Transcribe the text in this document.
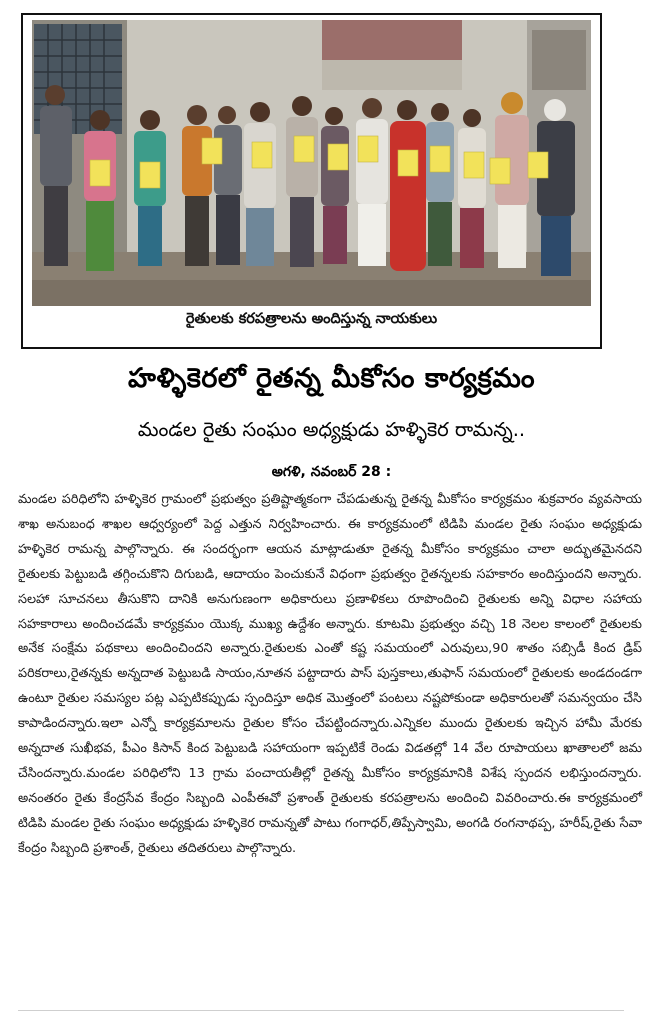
రైతులకు కరపత్రాలను అందిస్తున్న నాయకులు
హళ్ళికెరలో రైతన్న మీకోసం కార్యక్రమం
మండల రైతు సంఘం అధ్యక్షుడు హళ్ళికెర రామన్న..
అగళి, నవంబర్ 28 :
మండల పరిధిలోని హళ్ళికెర గ్రామంలో ప్రభుత్వం ప్రతిష్టాత్మకంగా చేపడుతున్న రైతన్న మీకోసం కార్యక్రమం శుక్రవారం వ్యవసాయ శాఖ అనుబంధ శాఖల ఆధ్వర్యంలో పెద్ద ఎత్తున నిర్వహించారు. ఈ కార్యక్రమంలో టిడిపి మండల రైతు సంఘం అధ్యక్షుడు హళ్ళికెర రామన్న పాల్గొన్నారు. ఈ సందర్భంగా ఆయన మాట్లాడుతూ రైతన్న మీకోసం కార్యక్రమం చాలా అద్భుతమైనదని రైతులకు పెట్టుబడి తగ్గించుకొని దిగుబడి, ఆదాయం పెంచుకునే విధంగా ప్రభుత్వం రైతన్నలకు సహకారం అందిస్తుందని అన్నారు. సలహా సూచనలు తీసుకొని దానికి అనుగుణంగా అధికారులు ప్రణాళికలు రూపొందించి రైతులకు అన్ని విధాల సహాయ సహకారాలు అందించడమే కార్యక్రమం యొక్క ముఖ్య ఉద్దేశం అన్నారు. కూటమి ప్రభుత్వం వచ్చి 18 నెలల కాలంలో రైతులకు అనేక సంక్షేమ పథకాలు అందించిందని అన్నారు.రైతులకు ఎంతో కష్ట సమయంలో ఎరువులు,90 శాతం సబ్సిడీ కింద డ్రిప్ పరికరాలు,రైతన్నకు అన్నదాత పెట్టుబడి సాయం,నూతన పట్టాదారు పాస్ పుస్తకాలు,తుఫాన్ సమయంలో రైతులకు అండదండగా ఉంటూ రైతుల సమస్యల పట్ల ఎప్పటికప్పుడు స్పందిస్తూ అధిక మొత్తంలో పంటలు నష్టపోకుండా అధికారులతో సమన్వయం చేసి కాపాడిందన్నారు.ఇలా ఎన్నో కార్యక్రమాలను రైతుల కోసం చేపట్టిందన్నారు.ఎన్నికల ముందు రైతులకు ఇచ్చిన హామీ మేరకు అన్నదాత సుఖీభవ, పీఎం కిసాన్ కింద పెట్టుబడి సహాయంగా ఇప్పటికే రెండు విడతల్లో 14 వేల రూపాయలు ఖాతాలలో జమ చేసిందన్నారు.మండల పరిధిలోని 13 గ్రామ పంచాయతీల్లో రైతన్న మీకోసం కార్యక్రమానికి విశేష స్పందన లభిస్తుందన్నారు. అనంతరం రైతు కేంద్రసేవ కేంద్రం సిబ్బంది ఎంపీఈవో ప్రశాంత్ రైతులకు కరపత్రాలను అందించి వివరించారు.ఈ కార్యక్రమంలో టిడిపి మండల రైతు సంఘం అధ్యక్షుడు హళ్ళికెర రామన్నతో పాటు గంగాధర్,తిప్పేస్వామి, అంగడి రంగనాథప్ప, హరీష్,రైతు సేవా కేంద్రం సిబ్బంది ప్రశాంత్, రైతులు తదితరులు పాల్గొన్నారు.
